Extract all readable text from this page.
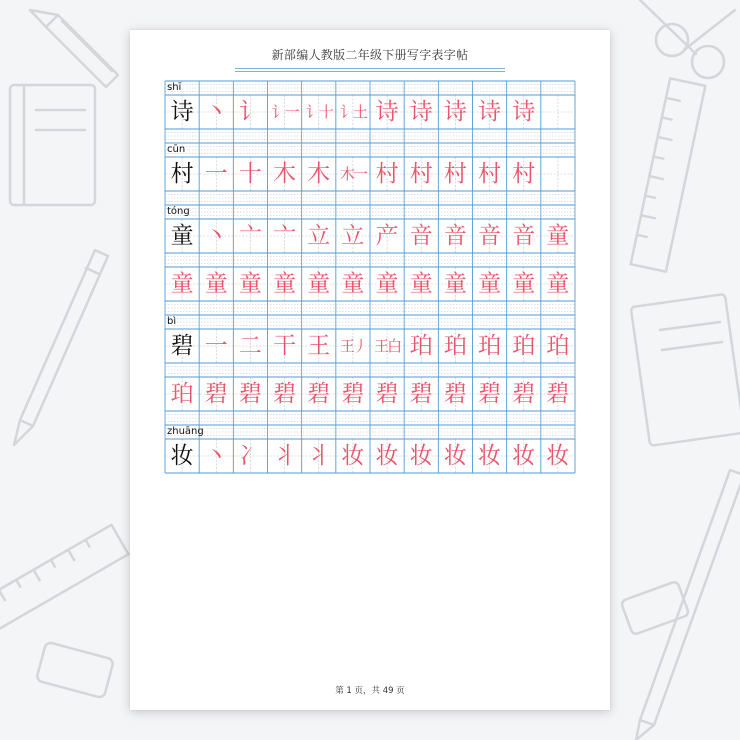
新部编人教版二年级下册写字表字帖
shī
诗 丶 讠 讠一 讠十 讠土 诗 诗 诗 诗 诗
cūn
村 一 十 木 木 木一 村 村 村 村 村
tóng
童 丶 亠 亠 立 立 产 音 音 音 音 童
童 童 童 童 童 童 童 童 童 童 童 童
bì
碧 一 二 干 王 王丿 王白 珀 珀 珀 珀 珀
珀 碧 碧 碧 碧 碧 碧 碧 碧 碧 碧 碧
zhuāng
妆 丶 冫 丬 丬 妆 妆 妆 妆 妆 妆 妆
第 1 页，共 49 页
